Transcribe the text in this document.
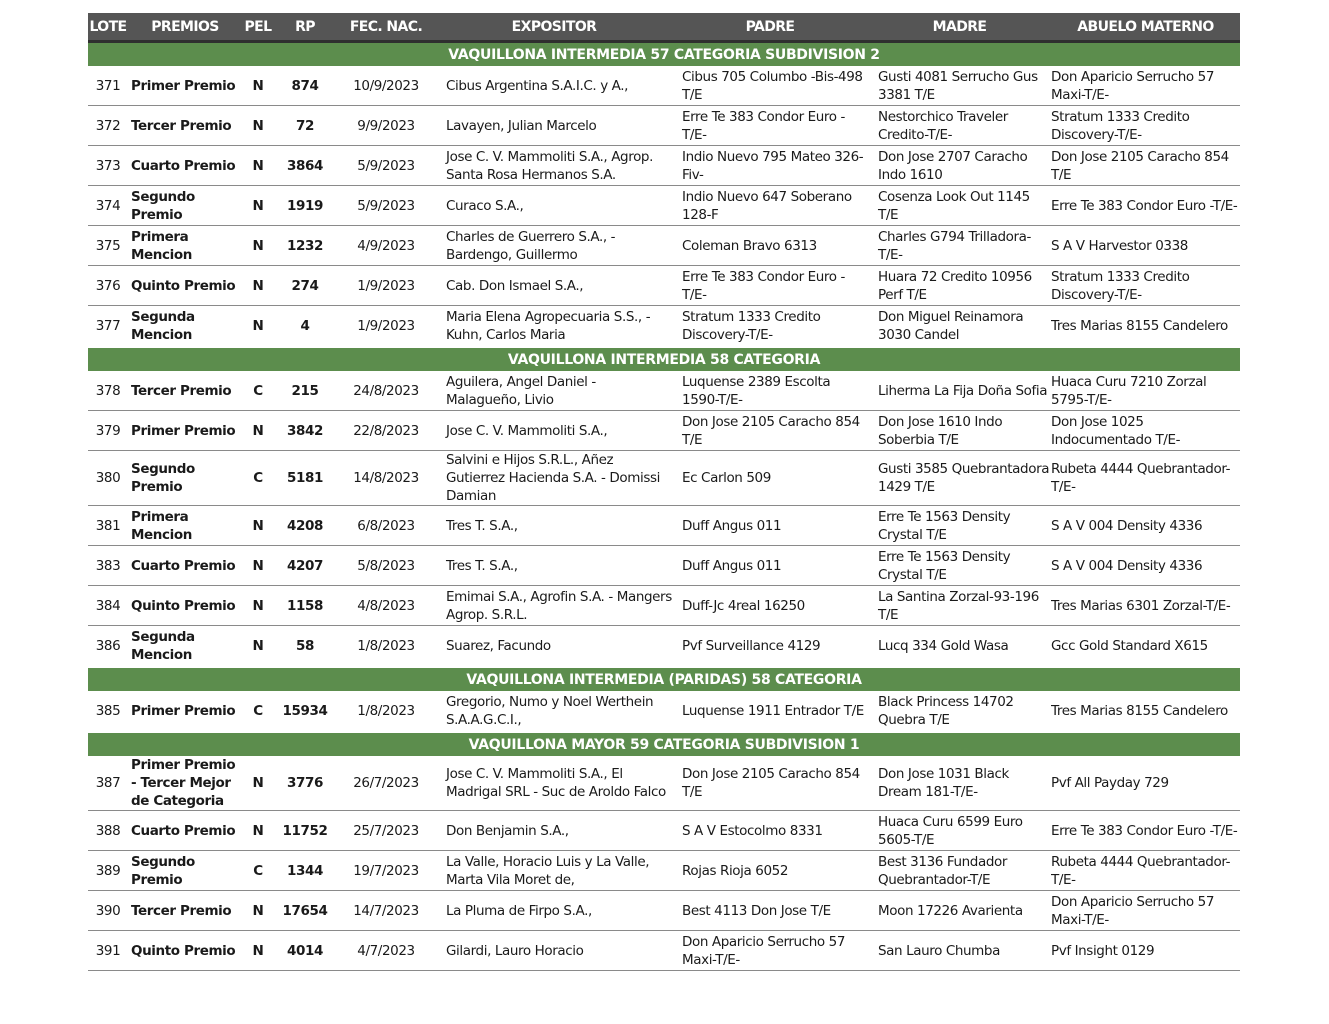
LOTE	PREMIOS	PEL	RP	FEC. NAC.	EXPOSITOR	PADRE	MADRE	ABUELO MATERNO
VAQUILLONA INTERMEDIA 57 CATEGORIA SUBDIVISION 2								
371	Primer Premio	N	874	10/9/2023	Cibus Argentina S.A.I.C. y A.,	Cibus 705 Columbo -Bis-498 T/E	Gusti 4081 Serrucho Gus 3381 T/E	Don Aparicio Serrucho 57 Maxi-T/E-
372	Tercer Premio	N	72	9/9/2023	Lavayen, Julian Marcelo	Erre Te 383 Condor Euro -T/E-	Nestorchico Traveler Credito-T/E-	Stratum 1333 Credito Discovery-T/E-
373	Cuarto Premio	N	3864	5/9/2023	Jose C. V. Mammoliti S.A., Agrop. Santa Rosa Hermanos S.A.	Indio Nuevo 795 Mateo 326-Fiv-	Don Jose 2707 Caracho Indo 1610	Don Jose 2105 Caracho 854 T/E
374	Segundo Premio	N	1919	5/9/2023	Curaco S.A.,	Indio Nuevo 647 Soberano 128-F	Cosenza Look Out 1145 T/E	Erre Te 383 Condor Euro -T/E-
375	Primera Mencion	N	1232	4/9/2023	Charles de Guerrero S.A., - Bardengo, Guillermo	Coleman Bravo 6313	Charles G794 Trilladora-T/E-	S A V Harvestor 0338
376	Quinto Premio	N	274	1/9/2023	Cab. Don Ismael S.A.,	Erre Te 383 Condor Euro -T/E-	Huara 72 Credito 10956 Perf T/E	Stratum 1333 Credito Discovery-T/E-
377	Segunda Mencion	N	4	1/9/2023	Maria Elena Agropecuaria S.S., - Kuhn, Carlos Maria	Stratum 1333 Credito Discovery-T/E-	Don Miguel Reinamora 3030 Candel	Tres Marias 8155 Candelero
VAQUILLONA INTERMEDIA 58 CATEGORIA								
378	Tercer Premio	C	215	24/8/2023	Aguilera, Angel Daniel - Malagueño, Livio	Luquense 2389 Escolta 1590-T/E-	Liherma La Fija Doña Sofia	Huaca Curu 7210 Zorzal 5795-T/E-
379	Primer Premio	N	3842	22/8/2023	Jose C. V. Mammoliti S.A.,	Don Jose 2105 Caracho 854 T/E	Don Jose 1610 Indo Soberbia T/E	Don Jose 1025 Indocumentado T/E-
380	Segundo Premio	C	5181	14/8/2023	Salvini e Hijos S.R.L., Añez Gutierrez Hacienda S.A. - Domissi Damian	Ec Carlon 509	Gusti 3585 Quebrantadora 1429 T/E	Rubeta 4444 Quebrantador-T/E-
381	Primera Mencion	N	4208	6/8/2023	Tres T. S.A.,	Duff Angus 011	Erre Te 1563 Density Crystal T/E	S A V 004 Density 4336
383	Cuarto Premio	N	4207	5/8/2023	Tres T. S.A.,	Duff Angus 011	Erre Te 1563 Density Crystal T/E	S A V 004 Density 4336
384	Quinto Premio	N	1158	4/8/2023	Emimai S.A., Agrofin S.A. - Mangers Agrop. S.R.L.	Duff-Jc 4real 16250	La Santina Zorzal-93-196 T/E	Tres Marias 6301 Zorzal-T/E-
386	Segunda Mencion	N	58	1/8/2023	Suarez, Facundo	Pvf Surveillance 4129	Lucq 334 Gold Wasa	Gcc Gold Standard X615
VAQUILLONA INTERMEDIA (PARIDAS) 58 CATEGORIA								
385	Primer Premio	C	15934	1/8/2023	Gregorio, Numo y Noel Werthein S.A.A.G.C.I.,	Luquense 1911 Entrador T/E	Black Princess 14702 Quebra T/E	Tres Marias 8155 Candelero
VAQUILLONA MAYOR 59 CATEGORIA SUBDIVISION 1								
387	Primer Premio - Tercer Mejor de Categoria	N	3776	26/7/2023	Jose C. V. Mammoliti S.A., El Madrigal SRL - Suc de Aroldo Falco	Don Jose 2105 Caracho 854 T/E	Don Jose 1031 Black Dream 181-T/E-	Pvf All Payday 729
388	Cuarto Premio	N	11752	25/7/2023	Don Benjamin S.A.,	S A V Estocolmo 8331	Huaca Curu 6599 Euro 5605-T/E	Erre Te 383 Condor Euro -T/E-
389	Segundo Premio	C	1344	19/7/2023	La Valle, Horacio Luis y La Valle, Marta Vila Moret de,	Rojas Rioja 6052	Best 3136 Fundador Quebrantador-T/E	Rubeta 4444 Quebrantador-T/E-
390	Tercer Premio	N	17654	14/7/2023	La Pluma de Firpo S.A.,	Best 4113 Don Jose T/E	Moon 17226 Avarienta	Don Aparicio Serrucho 57 Maxi-T/E-
391	Quinto Premio	N	4014	4/7/2023	Gilardi, Lauro Horacio	Don Aparicio Serrucho 57 Maxi-T/E-	San Lauro Chumba	Pvf Insight 0129
